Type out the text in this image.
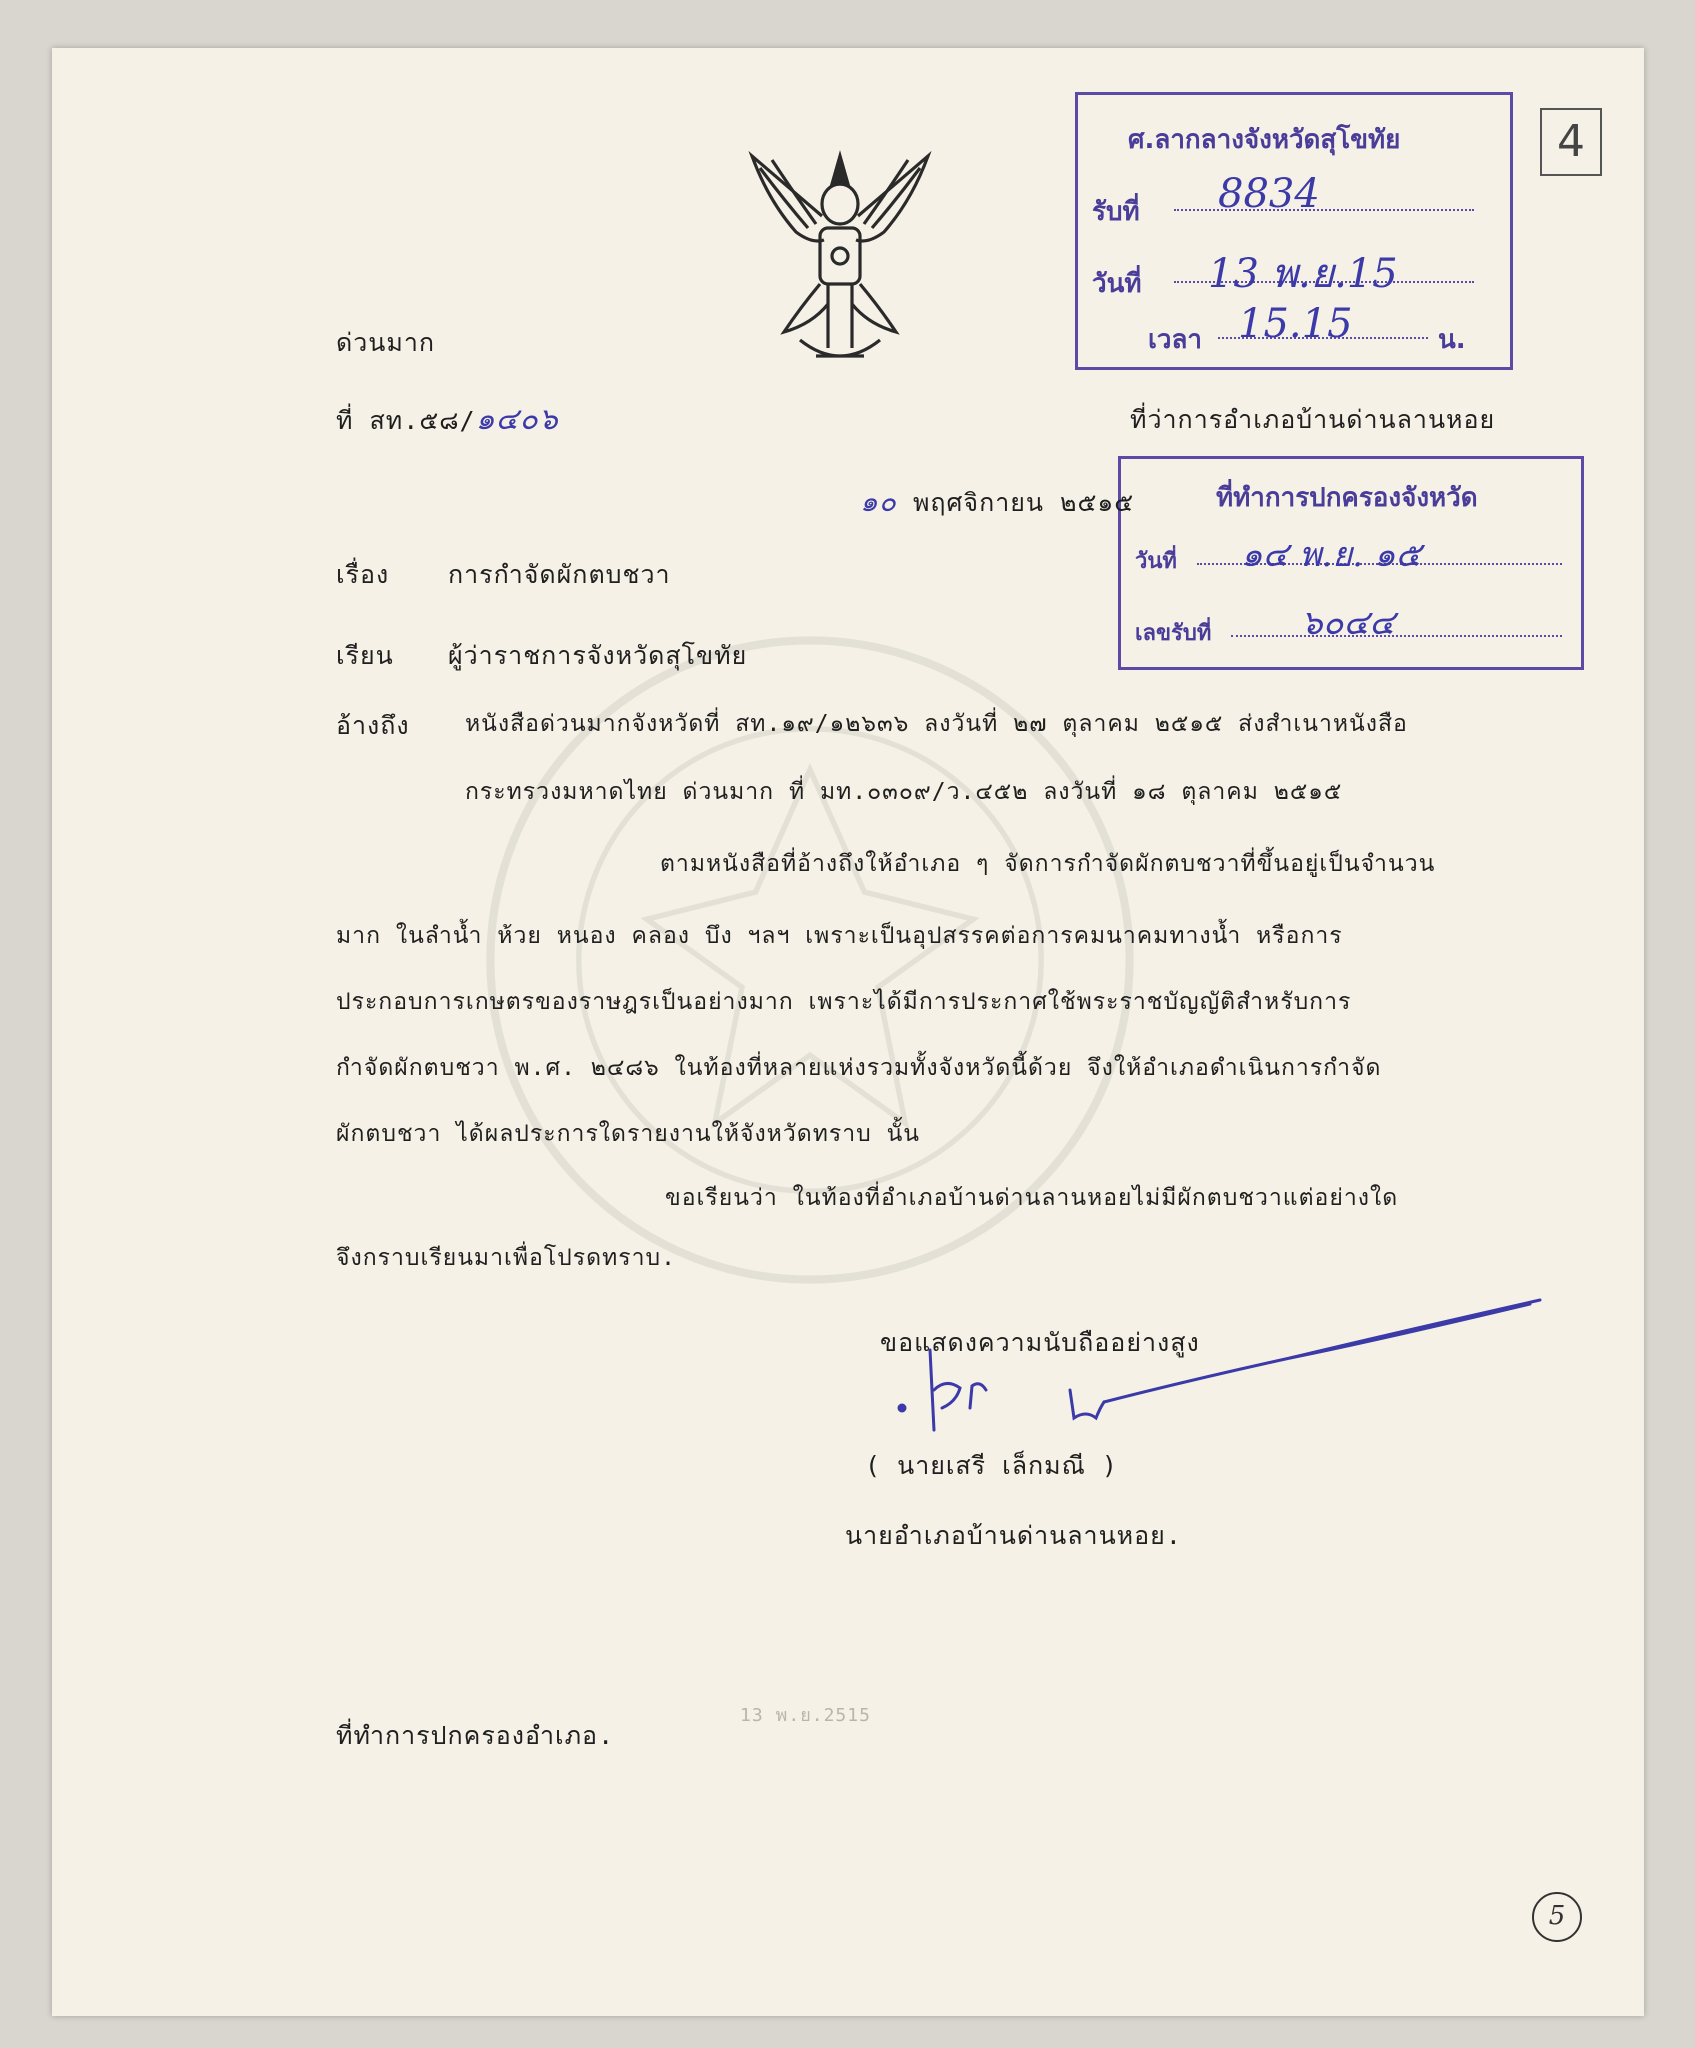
4
ศ.ลากลางจังหวัดสุโขทัย
รับที่ 8834
วันที่ 13 พ.ย.15
เวลา 15.15	น.
ด่วนมาก
ที่ สท.๕๘/๑๔๐๖	ที่ว่าการอำเภอบ้านด่านลานหอย
ที่ทำการปกครองจังหวัด
วันที่ ๑๔ พ.ย. ๑๕
เลขรับที่	๖๐๔๔
๑๐ พฤศจิกายน ๒๕๑๕
เรื่อง การกำจัดผักตบชวา
เรียน ผู้ว่าราชการจังหวัดสุโขทัย
อ้างถึง หนังสือด่วนมากจังหวัดที่ สท.๑๙/๑๒๖๓๖ ลงวันที่ ๒๗ ตุลาคม ๒๕๑๕ ส่งสำเนาหนังสือ
กระทรวงมหาดไทย ด่วนมาก ที่ มท.๐๓๐๙/ว.๔๕๒ ลงวันที่ ๑๘ ตุลาคม ๒๕๑๕
ตามหนังสือที่อ้างถึงให้อำเภอ ๆ จัดการกำจัดผักตบชวาที่ขึ้นอยู่เป็นจำนวน
มาก ในลำน้ำ ห้วย หนอง คลอง บึง ฯลฯ เพราะเป็นอุปสรรคต่อการคมนาคมทางน้ำ หรือการ
ประกอบการเกษตรของราษฎรเป็นอย่างมาก เพราะได้มีการประกาศใช้พระราชบัญญัติสำหรับการ
กำจัดผักตบชวา พ.ศ. ๒๔๘๖ ในท้องที่หลายแห่งรวมทั้งจังหวัดนี้ด้วย จึงให้อำเภอดำเนินการกำจัด
ผักตบชวา ได้ผลประการใดรายงานให้จังหวัดทราบ นั้น
ขอเรียนว่า ในท้องที่อำเภอบ้านด่านลานหอยไม่มีผักตบชวาแต่อย่างใด
จึงกราบเรียนมาเพื่อโปรดทราบ.
ขอแสดงความนับถืออย่างสูง
( นายเสรี เล็กมณี )
นายอำเภอบ้านด่านลานหอย.
ที่ทำการปกครองอำเภอ.
13 พ.ย.2515
5
